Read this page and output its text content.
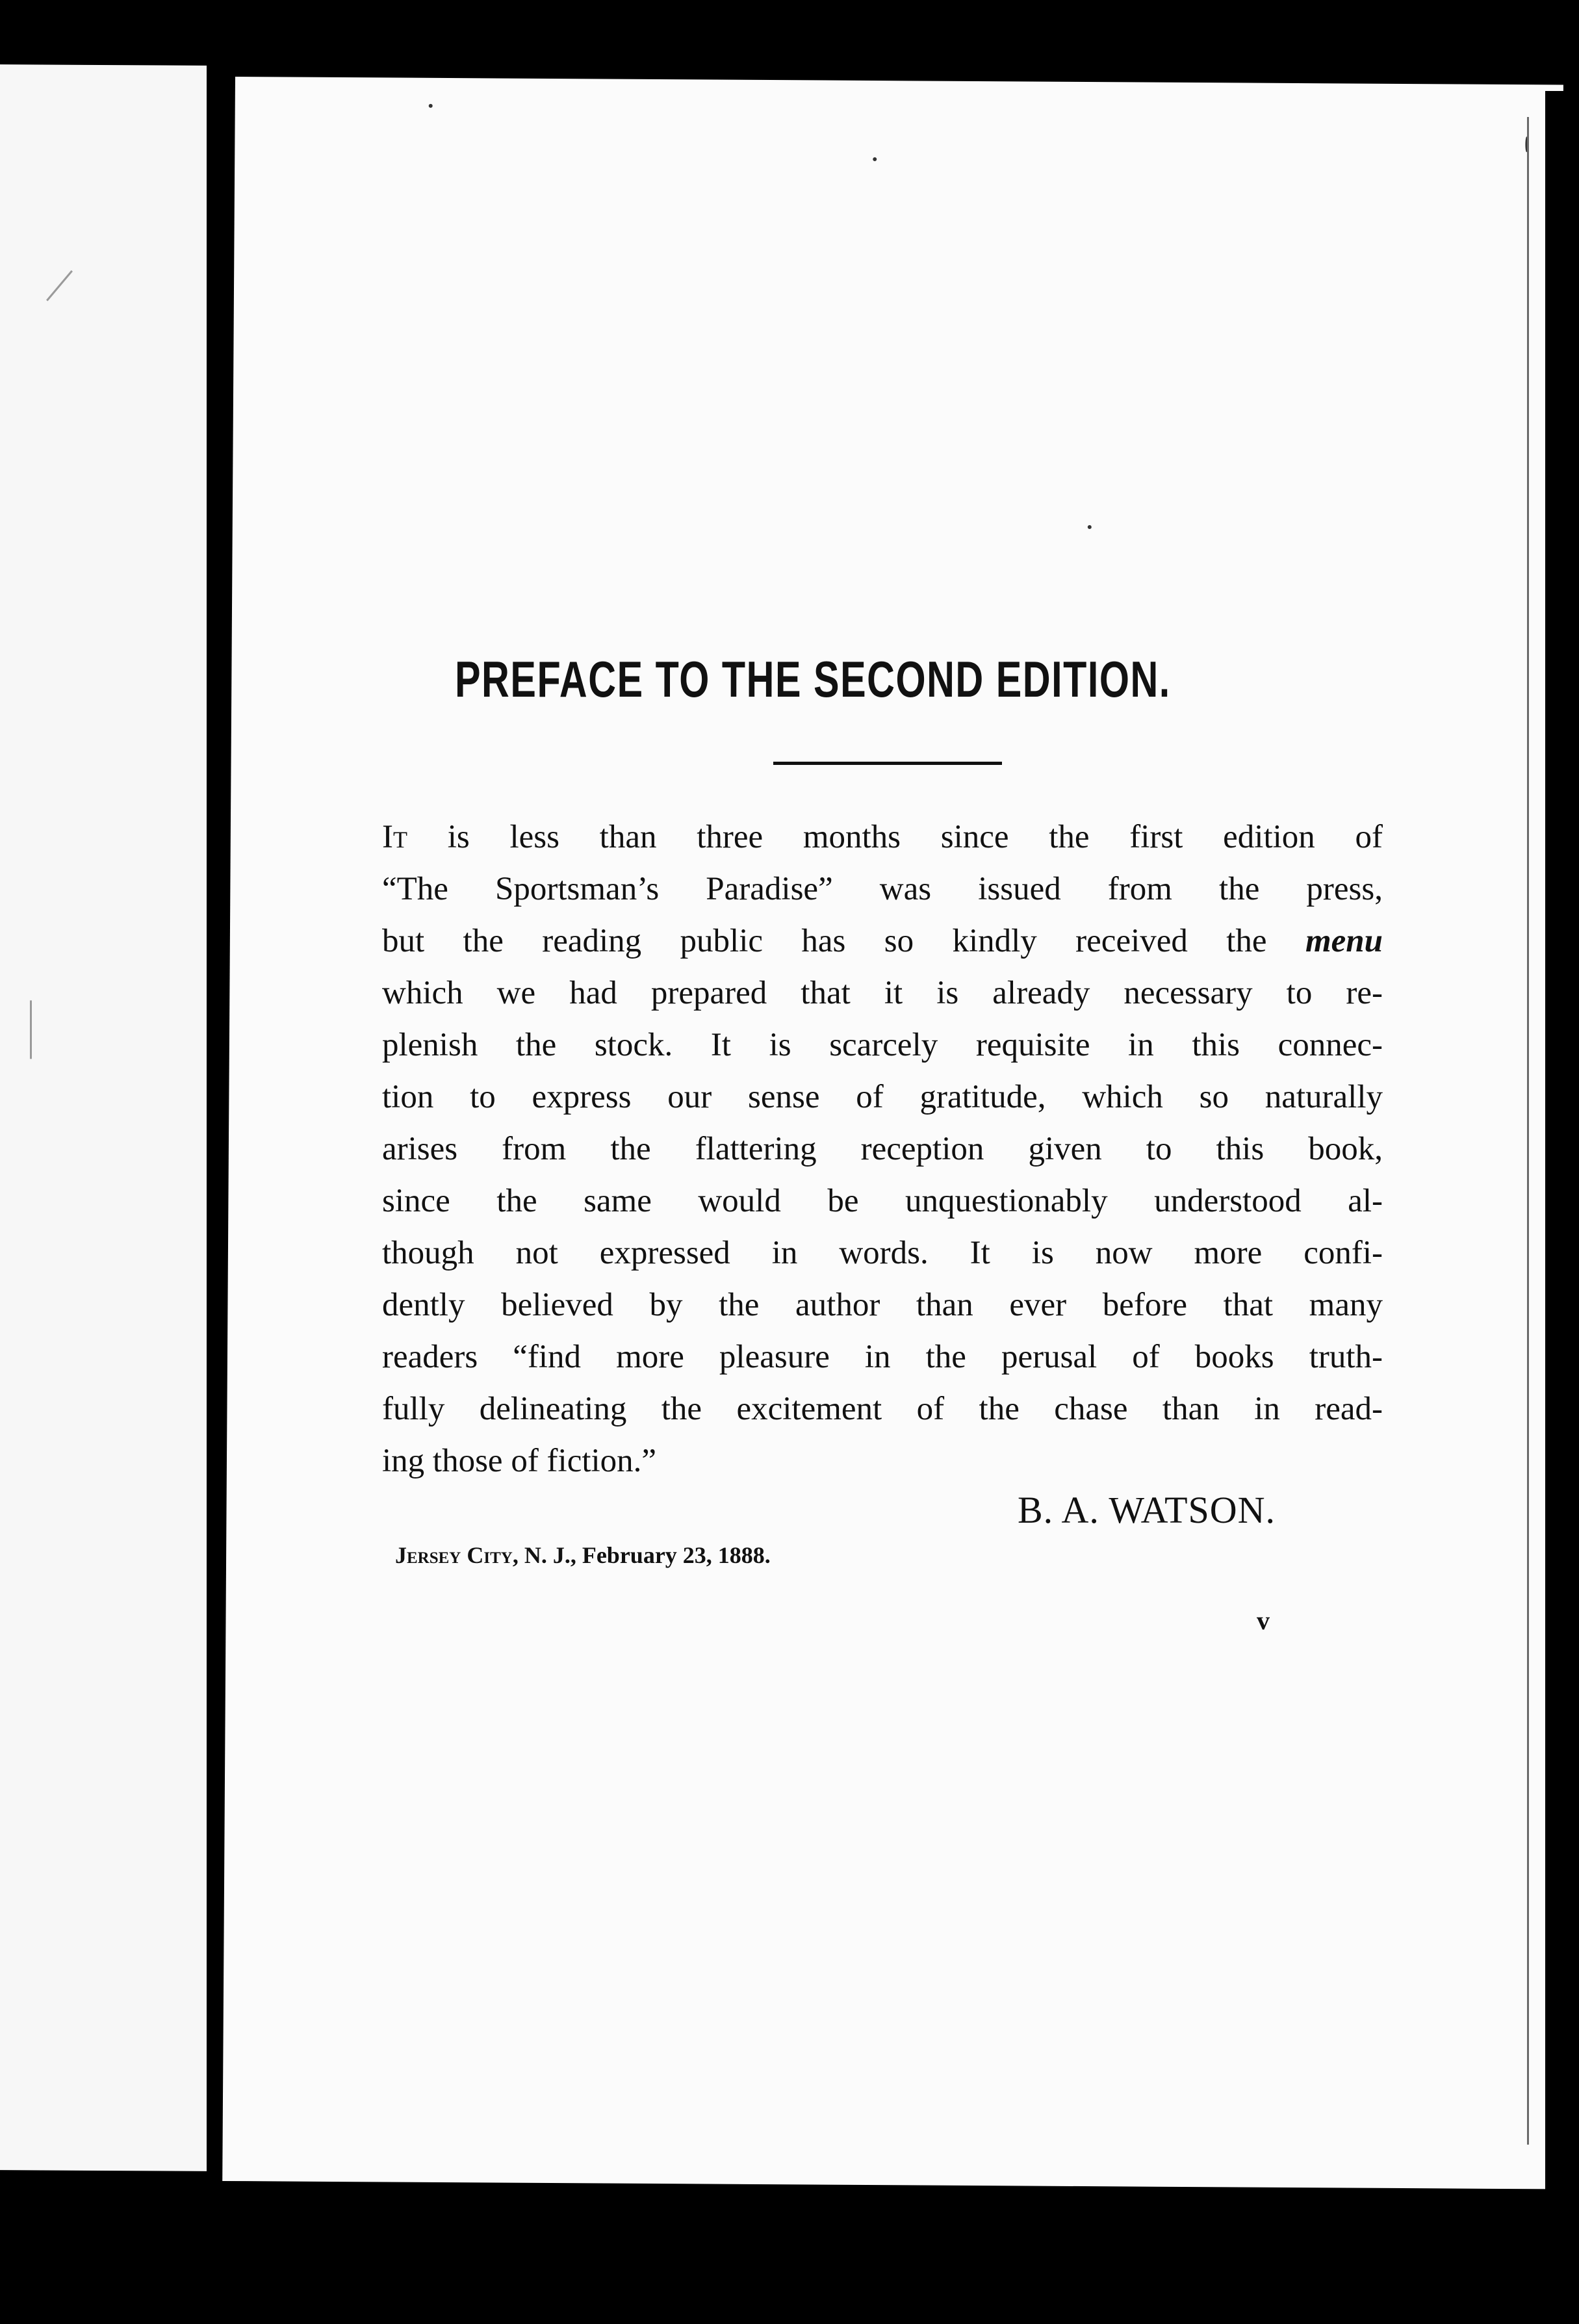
PREFACE TO THE SECOND EDITION.

It is less than three months since the first edition of
“The Sportsman’s Paradise” was issued from the press,
but the reading public has so kindly received the menu
which we had prepared that it is already necessary to re-
plenish the stock. It is scarcely requisite in this connec-
tion to express our sense of gratitude, which so naturally
arises from the flattering reception given to this book,
since the same would be unquestionably understood al-
though not expressed in words. It is now more confi-
dently believed by the author than ever before that many
readers “find more pleasure in the perusal of books truth-
fully delineating the excitement of the chase than in read-
ing those of fiction.”

B. A. WATSON.
Jersey City, N. J., February 23, 1888.
v
